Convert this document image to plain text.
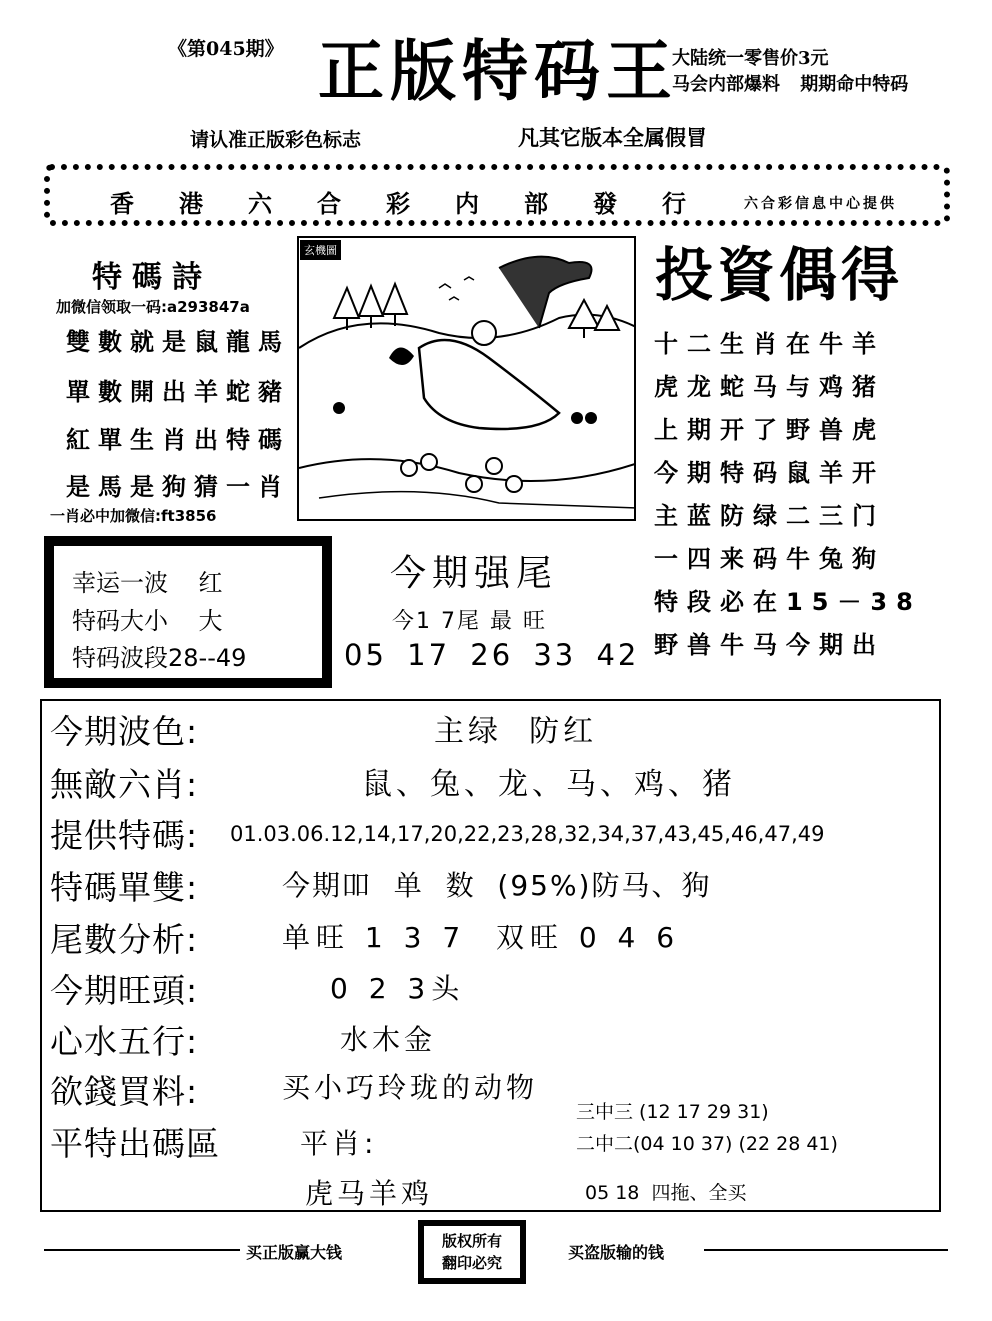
《第045期》 正版特码王
大陆统一零售价3元
马会内部爆料 期期命中特码
请认准正版彩色标志	凡其它版本全属假冒
香港六合彩内部發行 六合彩信息中心提供
特碼詩
加微信领取一码:a293847a
雙數就是鼠龍馬
單數開出羊蛇豬
紅單生肖出特碼
是馬是狗猜一肖
一肖必中加微信:ft3856
玄機圖	投資偶得
十二生肖在牛羊
虎龙蛇马与鸡猪
上期开了野兽虎
今期特码鼠羊开
主蓝防绿二三门
一四来码牛兔狗
特段必在15－38
野兽牛马今期出
幸运一波    红
特码大小    大
特码波段28--49
今期强尾
今1 7尾 最 旺
05 17 26 33 42
今期波色:	主绿  防红
無敵六肖:	鼠、兔、龙、马、鸡、猪
提供特碼: 01.03.06.12,14,17,20,22,23,28,32,34,37,43,45,46,47,49
特碼單雙:	今期吅  单  数  (95%)防马、狗
尾數分析:	单旺 1 3 7  双旺 0 4 6
今期旺頭:	0 2 3头
心水五行:	水木金
欲錢買料:	买小巧玲珑的动物
平特出碼區	平肖:
虎马羊鸡
三中三 (12 17 29 31)
二中二(04 10 37) (22 28 41)
05 18  四拖、全买
买正版赢大钱
版权所有
翻印必究
买盗版输的钱
